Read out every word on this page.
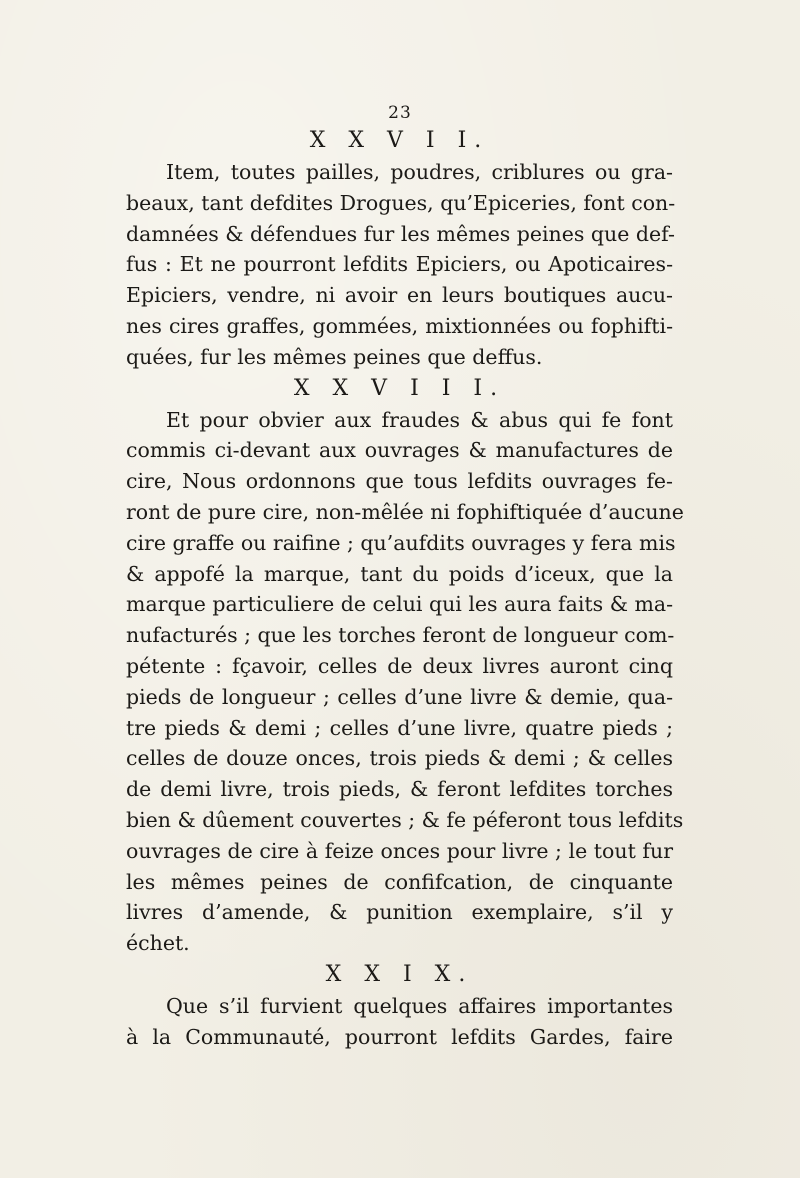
23
X X V I I.
Item, toutes pailles, poudres, criblures ou gra-
beaux, tant defdites Drogues, qu’Epiceries, font con-
damnées & défendues fur les mêmes peines que def-
fus : Et ne pourront lefdits Epiciers, ou Apoticaires-
Epiciers, vendre, ni avoir en leurs boutiques aucu-
nes cires graffes, gommées, mixtionnées ou fophifti-
quées, fur les mêmes peines que deffus.
X X V I I I.
Et pour obvier aux fraudes & abus qui fe font
commis ci-devant aux ouvrages & manufactures de
cire, Nous ordonnons que tous lefdits ouvrages fe-
ront de pure cire, non-mêlée ni fophiftiquée d’aucune
cire graffe ou raifine ; qu’aufdits ouvrages y fera mis
& appofé la marque, tant du poids d’iceux, que la
marque particuliere de celui qui les aura faits & ma-
nufacturés ; que les torches feront de longueur com-
pétente : fçavoir, celles de deux livres auront cinq
pieds de longueur ; celles d’une livre & demie, qua-
tre pieds & demi ; celles d’une livre, quatre pieds ;
celles de douze onces, trois pieds & demi ; & celles
de demi livre, trois pieds, & feront lefdites torches
bien & dûement couvertes ; & fe péferont tous lefdits
ouvrages de cire à feize onces pour livre ; le tout fur
les mêmes peines de confifcation, de cinquante
livres d’amende, & punition exemplaire, s’il y
échet.
X X I X.
Que s’il furvient quelques affaires importantes
à la Communauté, pourront lefdits Gardes, faire
